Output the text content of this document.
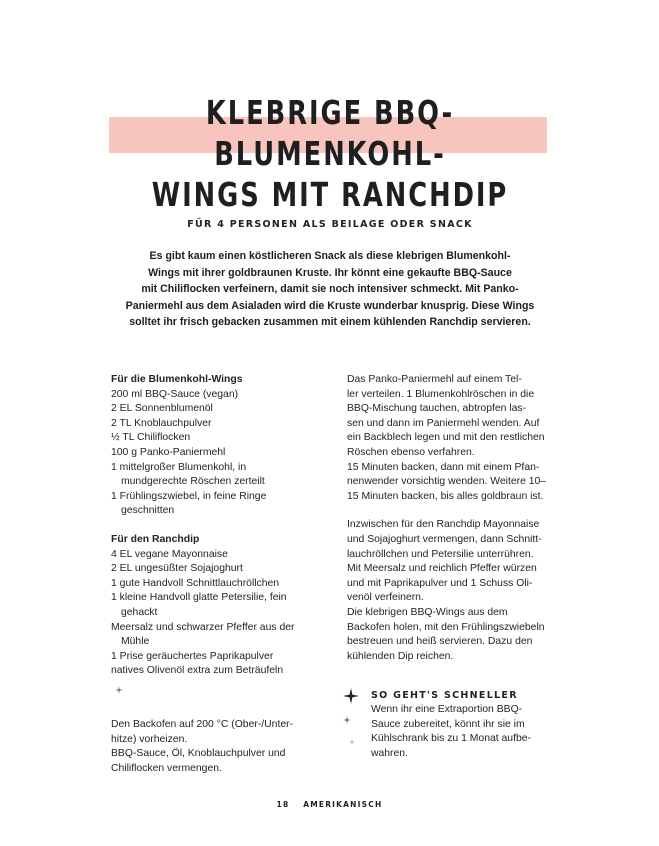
KLEBRIGE BBQ-BLUMENKOHL-
WINGS MIT RANCHDIP
FÜR 4 PERSONEN ALS BEILAGE ODER SNACK
Es gibt kaum einen köstlicheren Snack als diese klebrigen Blumenkohl-
Wings mit ihrer goldbraunen Kruste. Ihr könnt eine gekaufte BBQ-Sauce
mit Chiliflocken verfeinern, damit sie noch intensiver schmeckt. Mit Panko-
Paniermehl aus dem Asialaden wird die Kruste wunderbar knusprig. Diese Wings
solltet ihr frisch gebacken zusammen mit einem kühlenden Ranchdip servieren.
Für die Blumenkohl-Wings
200 ml BBQ-Sauce (vegan)
2 EL Sonnenblumenöl
2 TL Knoblauchpulver
½ TL Chiliflocken
100 g Panko-Paniermehl
1 mittelgroßer Blumenkohl, in
mundgerechte Röschen zerteilt
1 Frühlingszwiebel, in feine Ringe
geschnitten
Für den Ranchdip
4 EL vegane Mayonnaise
2 EL ungesüßter Sojajoghurt
1 gute Handvoll Schnittlauchröllchen
1 kleine Handvoll glatte Petersilie, fein
gehackt
Meersalz und schwarzer Pfeffer aus der
Mühle
1 Prise geräuchertes Paprikapulver
natives Olivenöl extra zum Beträufeln
Den Backofen auf 200 °C (Ober-/Unter-
hitze) vorheizen.
BBQ-Sauce, Öl, Knoblauchpulver und
Chiliflocken vermengen.
Das Panko-Paniermehl auf einem Tel-
ler verteilen. 1 Blumenkohlröschen in die
BBQ-Mischung tauchen, abtropfen las-
sen und dann im Paniermehl wenden. Auf
ein Backblech legen und mit den restlichen
Röschen ebenso verfahren.
15 Minuten backen, dann mit einem Pfan-
nenwender vorsichtig wenden. Weitere 10–
15 Minuten backen, bis alles goldbraun ist.
Inzwischen für den Ranchdip Mayonnaise
und Sojajoghurt vermengen, dann Schnitt-
lauchröllchen und Petersilie unterrühren.
Mit Meersalz und reichlich Pfeffer würzen
und mit Paprikapulver und 1 Schuss Oli-
venöl verfeinern.
Die klebrigen BBQ-Wings aus dem
Backofen holen, mit den Frühlingszwiebeln
bestreuen und heiß servieren. Dazu den
kühlenden Dip reichen.
SO GEHT'S SCHNELLER
Wenn ihr eine Extraportion BBQ-
Sauce zubereitet, könnt ihr sie im
Kühlschrank bis zu 1 Monat aufbe-
wahren.
18 AMERIKANISCH
